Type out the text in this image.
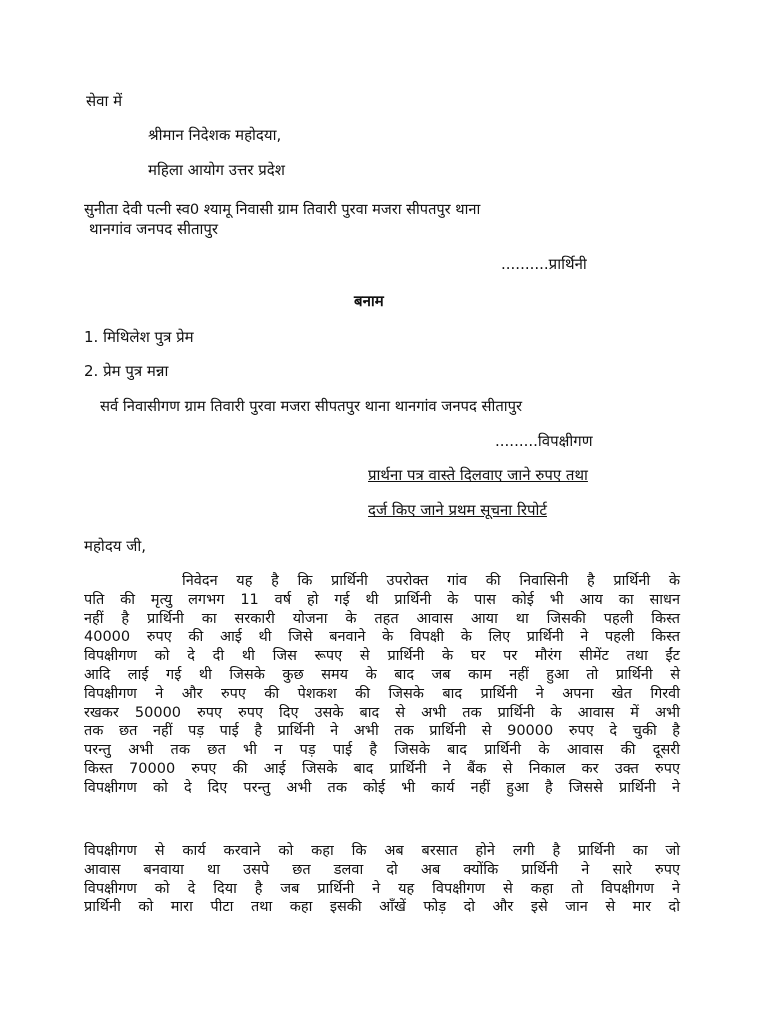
सेवा में
श्रीमान निदेशक महोदया,
महिला आयोग उत्तर प्रदेश
सुनीता देवी पत्नी स्व0 श्यामू निवासी ग्राम तिवारी पुरवा मजरा सीपतपुर थाना
थानगांव जनपद सीतापुर
..........प्रार्थिनी
बनाम
1. मिथिलेश पुत्र प्रेम
2. प्रेम पुत्र मन्ना
सर्व निवासीगण ग्राम तिवारी पुरवा मजरा सीपतपुर थाना थानगांव जनपद सीतापुर
.........विपक्षीगण
प्रार्थना पत्र वास्ते दिलवाए जाने रुपए तथा
दर्ज किए जाने प्रथम सूचना रिपोर्ट
महोदय जी,
निवेदन यह है कि प्रार्थिनी उपरोक्त गांव की निवासिनी है प्रार्थिनी के
पति की मृत्यु लगभग 11 वर्ष हो गई थी प्रार्थिनी के पास कोई भी आय का साधन
नहीं है प्रार्थिनी का सरकारी योजना के तहत आवास आया था जिसकी पहली किस्त
40000 रुपए की आई थी जिसे बनवाने के विपक्षी के लिए प्रार्थिनी ने पहली किस्त
विपक्षीगण को दे दी थी जिस रूपए से प्रार्थिनी के घर पर मौरंग सीमेंट तथा ईंट
आदि लाई गई थी जिसके कुछ समय के बाद जब काम नहीं हुआ तो प्रार्थिनी से
विपक्षीगण ने और रुपए की पेशकश की जिसके बाद प्रार्थिनी ने अपना खेत गिरवी
रखकर 50000 रुपए रुपए दिए उसके बाद से अभी तक प्रार्थिनी के आवास में अभी
तक छत नहीं पड़ पाई है प्रार्थिनी ने अभी तक प्रार्थिनी से 90000 रुपए दे चुकी है
परन्तु अभी तक छत भी न पड़ पाई है जिसके बाद प्रार्थिनी के आवास की दूसरी
किस्त 70000 रुपए की आई जिसके बाद प्रार्थिनी ने बैंक से निकाल कर उक्त रुपए
विपक्षीगण को दे दिए परन्तु अभी तक कोई भी कार्य नहीं हुआ है जिससे प्रार्थिनी ने
विपक्षीगण से कार्य करवाने को कहा कि अब बरसात होने लगी है प्रार्थिनी का जो
आवास बनवाया था उसपे छत डलवा दो अब क्योंकि प्रार्थिनी ने सारे रुपए
विपक्षीगण को दे दिया है जब प्रार्थिनी ने यह विपक्षीगण से कहा तो विपक्षीगण ने
प्रार्थिनी को मारा पीटा तथा कहा इसकी आँखें फोड़ दो और इसे जान से मार दो
